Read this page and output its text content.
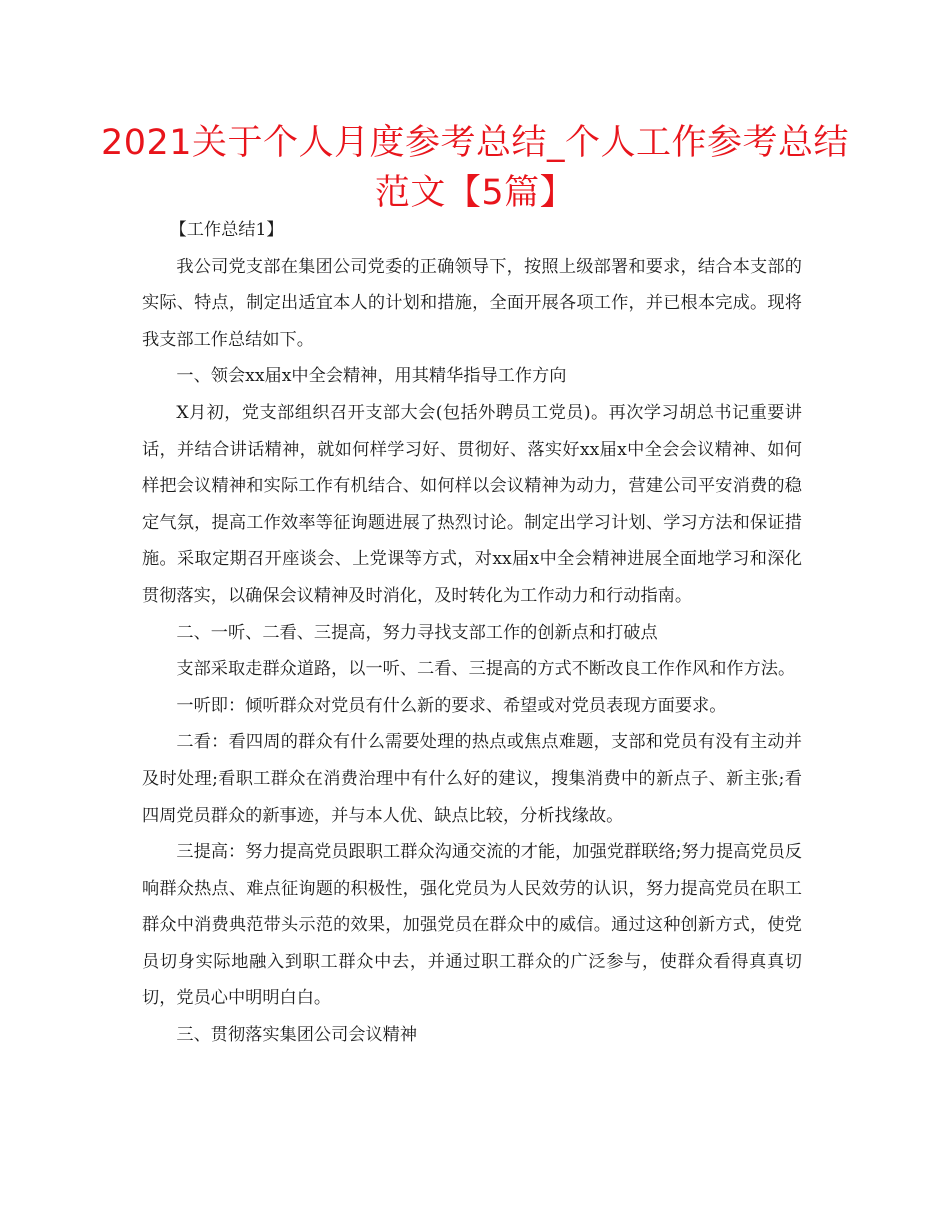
2021关于个人月度参考总结_个人工作参考总结范文【5篇】

【工作总结1】

我公司党支部在集团公司党委的正确领导下，按照上级部署和要求，结合本支部的实际、特点，制定出适宜本人的计划和措施，全面开展各项工作，并已根本完成。现将我支部工作总结如下。

一、领会xx届x中全会精神，用其精华指导工作方向

X月初，党支部组织召开支部大会(包括外聘员工党员)。再次学习胡总书记重要讲话，并结合讲话精神，就如何样学习好、贯彻好、落实好xx届x中全会会议精神、如何样把会议精神和实际工作有机结合、如何样以会议精神为动力，营建公司平安消费的稳定气氛，提高工作效率等征询题进展了热烈讨论。制定出学习计划、学习方法和保证措施。采取定期召开座谈会、上党课等方式，对xx届x中全会精神进展全面地学习和深化贯彻落实，以确保会议精神及时消化，及时转化为工作动力和行动指南。

二、一听、二看、三提高，努力寻找支部工作的创新点和打破点

支部采取走群众道路，以一听、二看、三提高的方式不断改良工作作风和作方法。

一听即：倾听群众对党员有什么新的要求、希望或对党员表现方面要求。

二看：看四周的群众有什么需要处理的热点或焦点难题，支部和党员有没有主动并及时处理;看职工群众在消费治理中有什么好的建议，搜集消费中的新点子、新主张;看四周党员群众的新事迹，并与本人优、缺点比较，分析找缘故。

三提高：努力提高党员跟职工群众沟通交流的才能，加强党群联络;努力提高党员反响群众热点、难点征询题的积极性，强化党员为人民效劳的认识，努力提高党员在职工群众中消费典范带头示范的效果，加强党员在群众中的威信。通过这种创新方式，使党员切身实际地融入到职工群众中去，并通过职工群众的广泛参与，使群众看得真真切切，党员心中明明白白。

三、贯彻落实集团公司会议精神
